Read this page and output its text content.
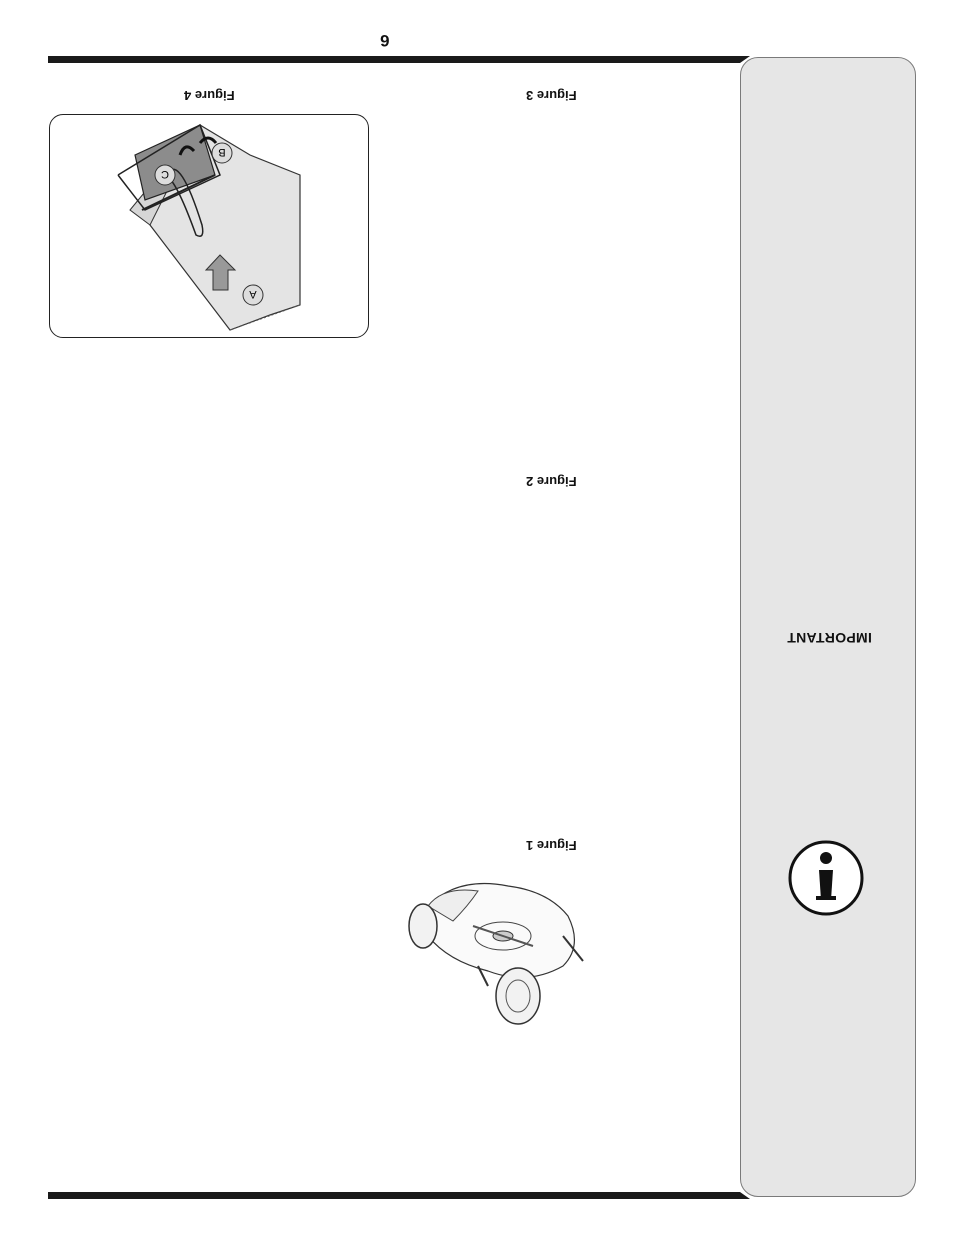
6
Figure 4	Figure 3
Figure 2
Figure 1
A
B
C
IMPORTANT
